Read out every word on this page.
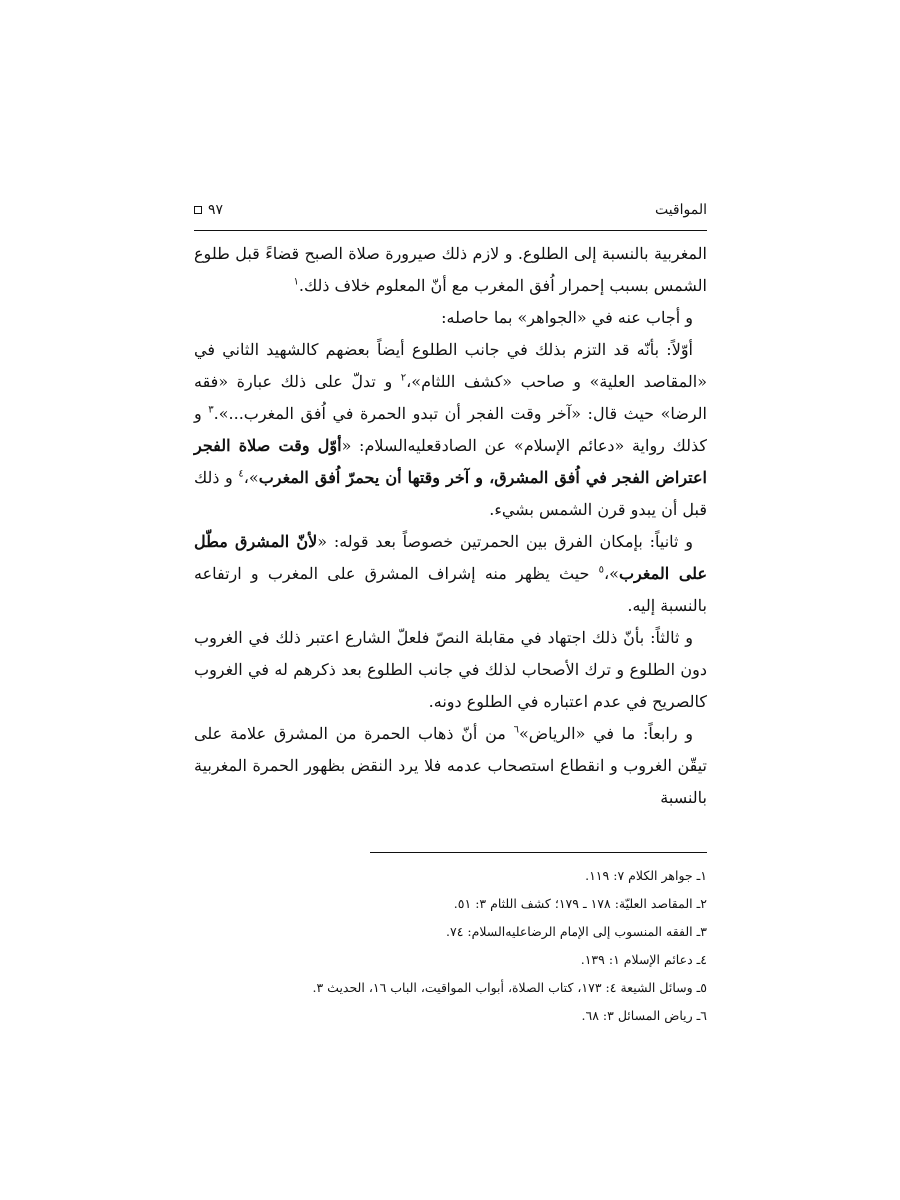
المواقيت
٩٧

المغربية بالنسبة إلى الطلوع. و لازم ذلك صيرورة صلاة الصبح قضاءً قبل طلوع الشمس بسبب إحمرار اُفق المغرب مع أنّ المعلوم خلاف ذلك.$^١$

و أجاب عنه في «الجواهر» بما حاصله:

أوّلاً: بأنّه قد التزم بذلك في جانب الطلوع أيضاً بعضهم كالشهيد الثاني في «المقاصد العلية» و صاحب «كشف اللثام»،$^٢$ و تدلّ على ذلك عبارة «فقه الرضا» حيث قال: «آخر وقت الفجر أن تبدو الحمرة في اُفق المغرب...».$^٣$ و كذلك رواية «دعائم الإسلام» عن الصادقعليه‌السلام: «أوّل وقت صلاة الفجر اعتراض الفجر في اُفق المشرق، و آخر وقتها أن يحمرّ اُفق المغرب»،$^٤$ و ذلك قبل أن يبدو قرن الشمس بشيء.

و ثانياً: بإمكان الفرق بين الحمرتين خصوصاً بعد قوله: «لأنّ المشرق مطّل على المغرب»،$^٥$ حيث يظهر منه إشراف المشرق على المغرب و ارتفاعه بالنسبة إليه.

و ثالثاً: بأنّ ذلك اجتهاد في مقابلة النصّ فلعلّ الشارع اعتبر ذلك في الغروب دون الطلوع و ترك الأصحاب لذلك في جانب الطلوع بعد ذكرهم له في الغروب كالصريح في عدم اعتباره في الطلوع دونه.

و رابعاً: ما في «الرياض»$^٦$ من أنّ ذهاب الحمرة من المشرق علامة على تيقّن الغروب و انقطاع استصحاب عدمه فلا يرد النقض بظهور الحمرة المغربية بالنسبة

١ـ جواهر الكلام ٧: ١١٩.

٢ـ المقاصد العليّة: ١٧٨ ـ ١٧٩؛ كشف اللثام ٣: ٥١.

٣ـ الفقه المنسوب إلى الإمام الرضاعليه‌السلام: ٧٤.

٤ـ دعائم الإسلام ١: ١٣٩.

٥ـ وسائل الشيعة ٤: ١٧٣، كتاب الصلاة، أبواب المواقيت، الباب ١٦، الحديث ٣.

٦ـ رياض المسائل ٣: ٦٨.
